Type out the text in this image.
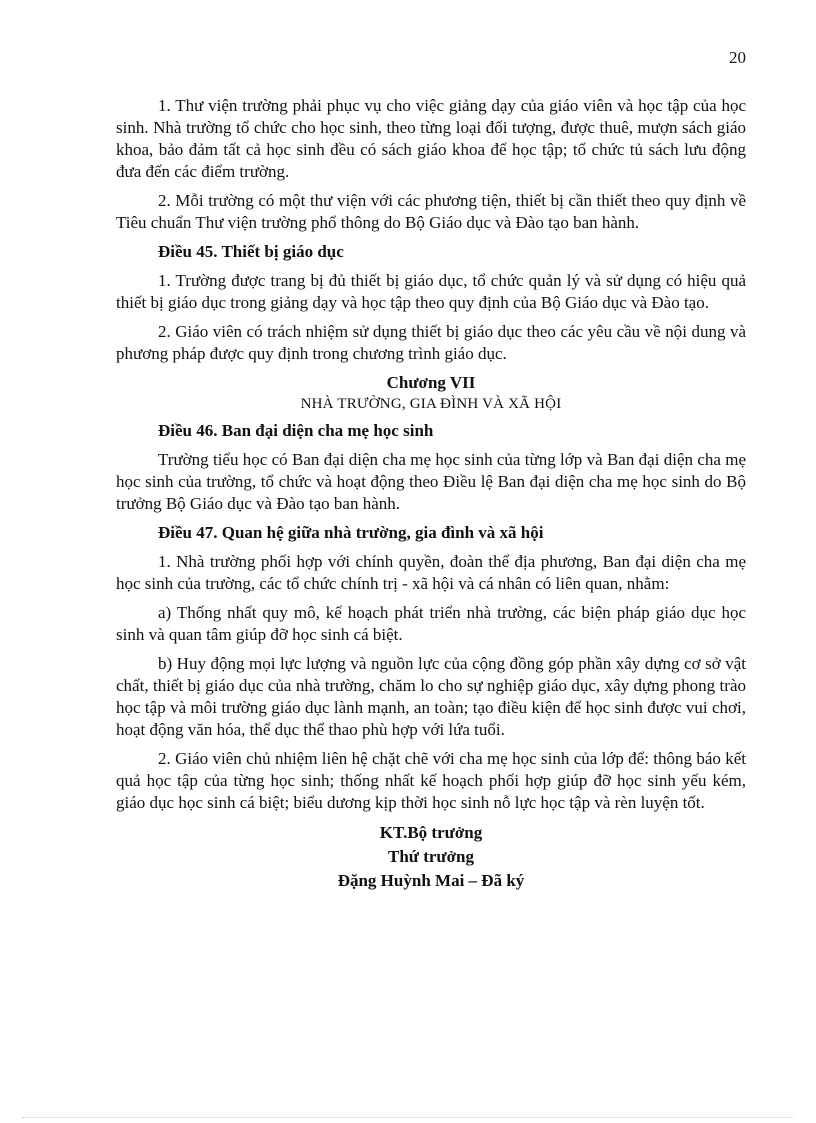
20

1. Thư viện trường phải phục vụ cho việc giảng dạy của giáo viên và học tập của học sinh. Nhà trường tổ chức cho học sinh, theo từng loại đối tượng, được thuê, mượn sách giáo khoa, bảo đảm tất cả học sinh đều có sách giáo khoa để học tập; tổ chức tủ sách lưu động đưa đến các điểm trường.

2. Mỗi trường có một thư viện với các phương tiện, thiết bị cần thiết theo quy định về Tiêu chuẩn Thư viện trường phổ thông do Bộ Giáo dục và Đào tạo ban hành.

Điều 45. Thiết bị giáo dục

1. Trường được trang bị đủ thiết bị giáo dục, tổ chức quản lý và sử dụng có hiệu quả thiết bị giáo dục trong giảng dạy và học tập theo quy định của Bộ Giáo dục và Đào tạo.

2. Giáo viên có trách nhiệm sử dụng thiết bị giáo dục theo các yêu cầu về nội dung và phương pháp được quy định trong chương trình giáo dục.

Chương VII
NHÀ TRƯỜNG, GIA ĐÌNH VÀ XÃ HỘI
Điều 46. Ban đại diện cha mẹ học sinh

Trường tiểu học có Ban đại diện cha mẹ học sinh của từng lớp và Ban đại diện cha mẹ học sinh của trường, tổ chức và hoạt động theo Điều lệ Ban đại diện cha mẹ học sinh do Bộ trưởng Bộ Giáo dục và Đào tạo ban hành.

Điều 47. Quan hệ giữa nhà trường, gia đình và xã hội

1. Nhà trường phối hợp với chính quyền, đoàn thể địa phương, Ban đại diện cha mẹ học sinh của trường, các tổ chức chính trị - xã hội và cá nhân có liên quan, nhằm:

a) Thống nhất quy mô, kế hoạch phát triển nhà trường, các biện pháp giáo dục học sinh và quan tâm giúp đỡ học sinh cá biệt.

b) Huy động mọi lực lượng và nguồn lực của cộng đồng góp phần xây dựng cơ sở vật chất, thiết bị giáo dục của nhà trường, chăm lo cho sự nghiệp giáo dục, xây dựng phong trào học tập và môi trường giáo dục lành mạnh, an toàn; tạo điều kiện để học sinh được vui chơi, hoạt động văn hóa, thể dục thể thao phù hợp với lứa tuổi.

2. Giáo viên chủ nhiệm liên hệ chặt chẽ với cha mẹ học sinh của lớp để: thông báo kết quả học tập của từng học sinh; thống nhất kế hoạch phối hợp giúp đỡ học sinh yếu kém, giáo dục học sinh cá biệt; biểu dương kịp thời học sinh nỗ lực học tập và rèn luyện tốt.

KT.Bộ trưởng
Thứ trưởng
Đặng Huỳnh Mai – Đã ký
